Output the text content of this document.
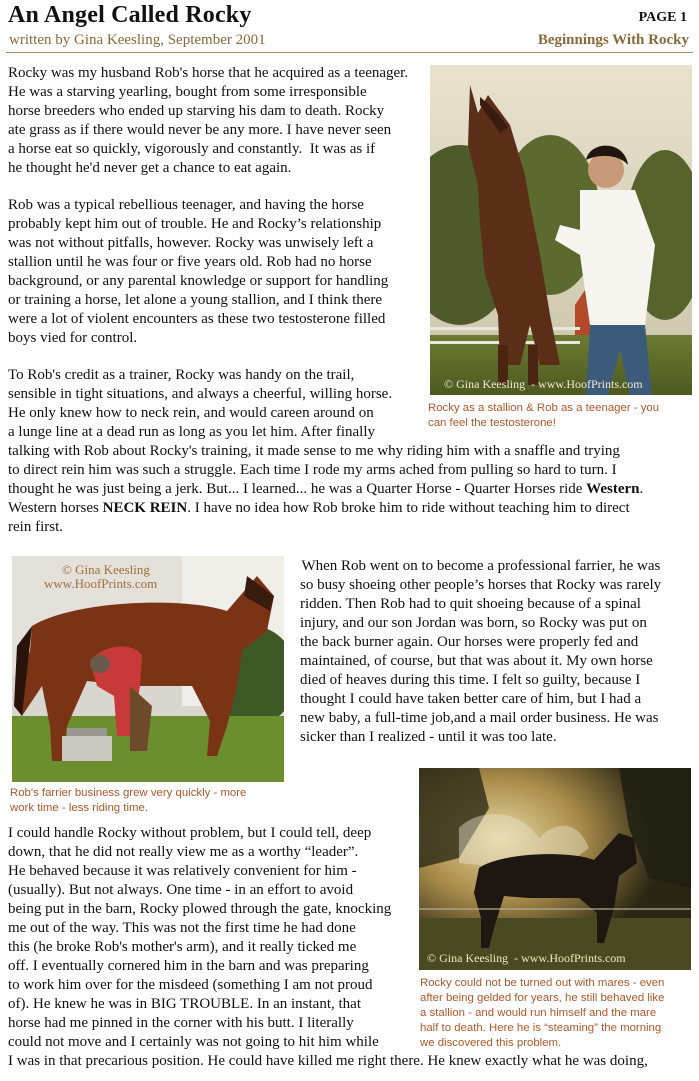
An Angel Called Rocky	PAGE 1
written by Gina Keesling, September 2001	Beginnings With Rocky
© Gina Keesling  - www.HoofPrints.com
Rocky as a stallion & Rob as a teenager - you
can feel the testosterone!
Rocky was my husband Rob's horse that he acquired as a teenager.
He was a starving yearling, bought from some irresponsible
horse breeders who ended up starving his dam to death. Rocky
ate grass as if there would never be any more. I have never seen
a horse eat so quickly, vigorously and constantly.  It was as if
he thought he'd never get a chance to eat again.
Rob was a typical rebellious teenager, and having the horse
probably kept him out of trouble. He and Rocky’s relationship
was not without pitfalls, however. Rocky was unwisely left a
stallion until he was four or five years old. Rob had no horse
background, or any parental knowledge or support for handling
or training a horse, let alone a young stallion, and I think there
were a lot of violent encounters as these two testosterone filled
boys vied for control.
To Rob's credit as a trainer, Rocky was handy on the trail,
sensible in tight situations, and always a cheerful, willing horse.
He only knew how to neck rein, and would careen around on
a lunge line at a dead run as long as you let him. After finally
talking with Rob about Rocky's training, it made sense to me why riding him with a snaffle and trying
to direct rein him was such a struggle. Each time I rode my arms ached from pulling so hard to turn. I
thought he was just being a jerk. But... I learned... he was a Quarter Horse - Quarter Horses ride Western.
Western horses NECK REIN. I have no idea how Rob broke him to ride without teaching him to direct
rein first.
© Gina Keesling
www.HoofPrints.com
Rob's farrier business grew very quickly - more
work time - less riding time.
When Rob went on to become a professional farrier, he was
so busy shoeing other people’s horses that Rocky was rarely
ridden. Then Rob had to quit shoeing because of a spinal
injury, and our son Jordan was born, so Rocky was put on
the back burner again. Our horses were properly fed and
maintained, of course, but that was about it. My own horse
died of heaves during this time. I felt so guilty, because I
thought I could have taken better care of him, but I had a
new baby, a full-time job,and a mail order business. He was
sicker than I realized - until it was too late.
© Gina Keesling  - www.HoofPrints.com
Rocky could not be turned out with mares - even
after being gelded for years, he still behaved like
a stallion - and would run himself and the mare
half to death. Here he is “steaming” the morning
we discovered this problem.
I could handle Rocky without problem, but I could tell, deep
down, that he did not really view me as a worthy “leader”.
He behaved because it was relatively convenient for him -
(usually). But not always. One time - in an effort to avoid
being put in the barn, Rocky plowed through the gate, knocking
me out of the way. This was not the first time he had done
this (he broke Rob's mother's arm), and it really ticked me
off. I eventually cornered him in the barn and was preparing
to work him over for the misdeed (something I am not proud
of). He knew he was in BIG TROUBLE. In an instant, that
horse had me pinned in the corner with his butt. I literally
could not move and I certainly was not going to hit him while
I was in that precarious position. He could have killed me right there. He knew exactly what he was doing,
